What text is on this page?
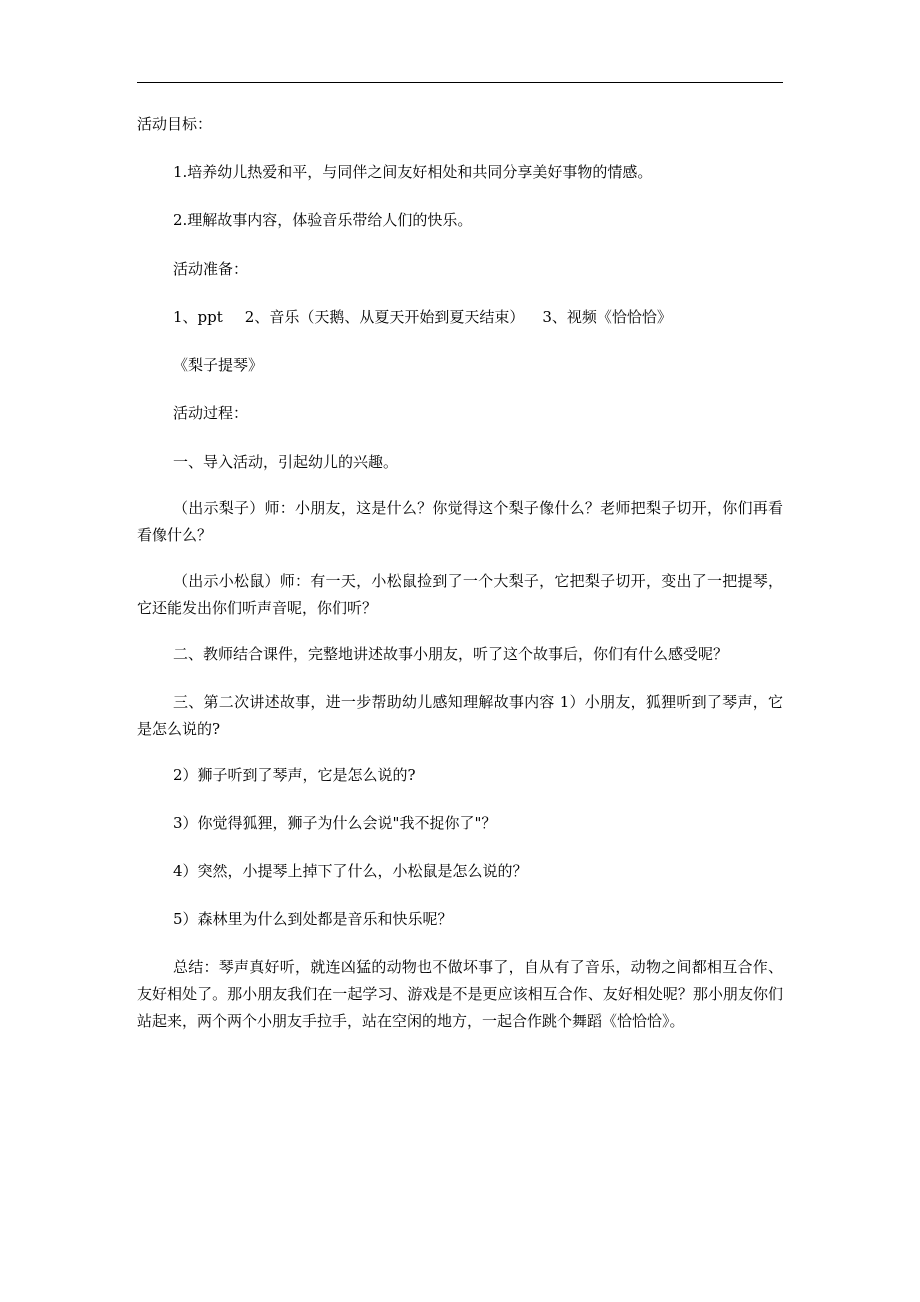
活动目标：
1.培养幼儿热爱和平，与同伴之间友好相处和共同分享美好事物的情感。
2.理解故事内容，体验音乐带给人们的快乐。
活动准备：
1、ppt 2、音乐（天鹅、从夏天开始到夏天结束） 3、视频《恰恰恰》
《梨子提琴》
活动过程：
一、导入活动，引起幼儿的兴趣。
（出示梨子）师：小朋友，这是什么？你觉得这个梨子像什么？老师把梨子切开，你们再看看像什么？
（出示小松鼠）师：有一天，小松鼠捡到了一个大梨子，它把梨子切开，变出了一把提琴，它还能发出你们听声音呢，你们听？
二、教师结合课件，完整地讲述故事小朋友，听了这个故事后，你们有什么感受呢？
三、第二次讲述故事，进一步帮助幼儿感知理解故事内容 1）小朋友，狐狸听到了琴声，它是怎么说的?
2）狮子听到了琴声，它是怎么说的?
3）你觉得狐狸，狮子为什么会说"我不捉你了"？
4）突然，小提琴上掉下了什么，小松鼠是怎么说的？
5）森林里为什么到处都是音乐和快乐呢？
总结：琴声真好听，就连凶猛的动物也不做坏事了，自从有了音乐，动物之间都相互合作、友好相处了。那小朋友我们在一起学习、游戏是不是更应该相互合作、友好相处呢？那小朋友你们站起来，两个两个小朋友手拉手，站在空闲的地方，一起合作跳个舞蹈《恰恰恰》。
